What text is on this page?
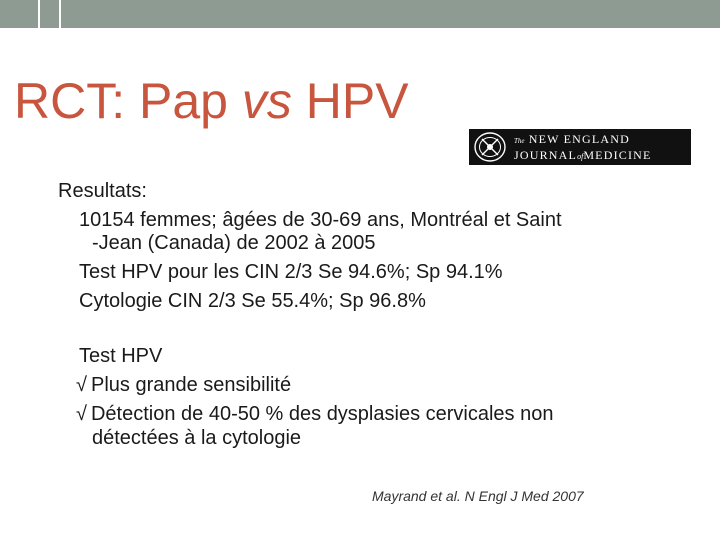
RCT: Pap vs HPV
The NEW ENGLAND
JOURNALofMEDICINE
Resultats:
10154 femmes; âgées de 30-69 ans, Montréal et Saint
-Jean (Canada) de 2002 à 2005
Test HPV pour les CIN 2/3 Se 94.6%; Sp 94.1%
Cytologie CIN 2/3 Se 55.4%; Sp 96.8%
Test HPV
√ Plus grande sensibilité
√ Détection de 40-50 % des dysplasies cervicales non
détectées à la cytologie
Mayrand et al. N Engl J Med 2007
